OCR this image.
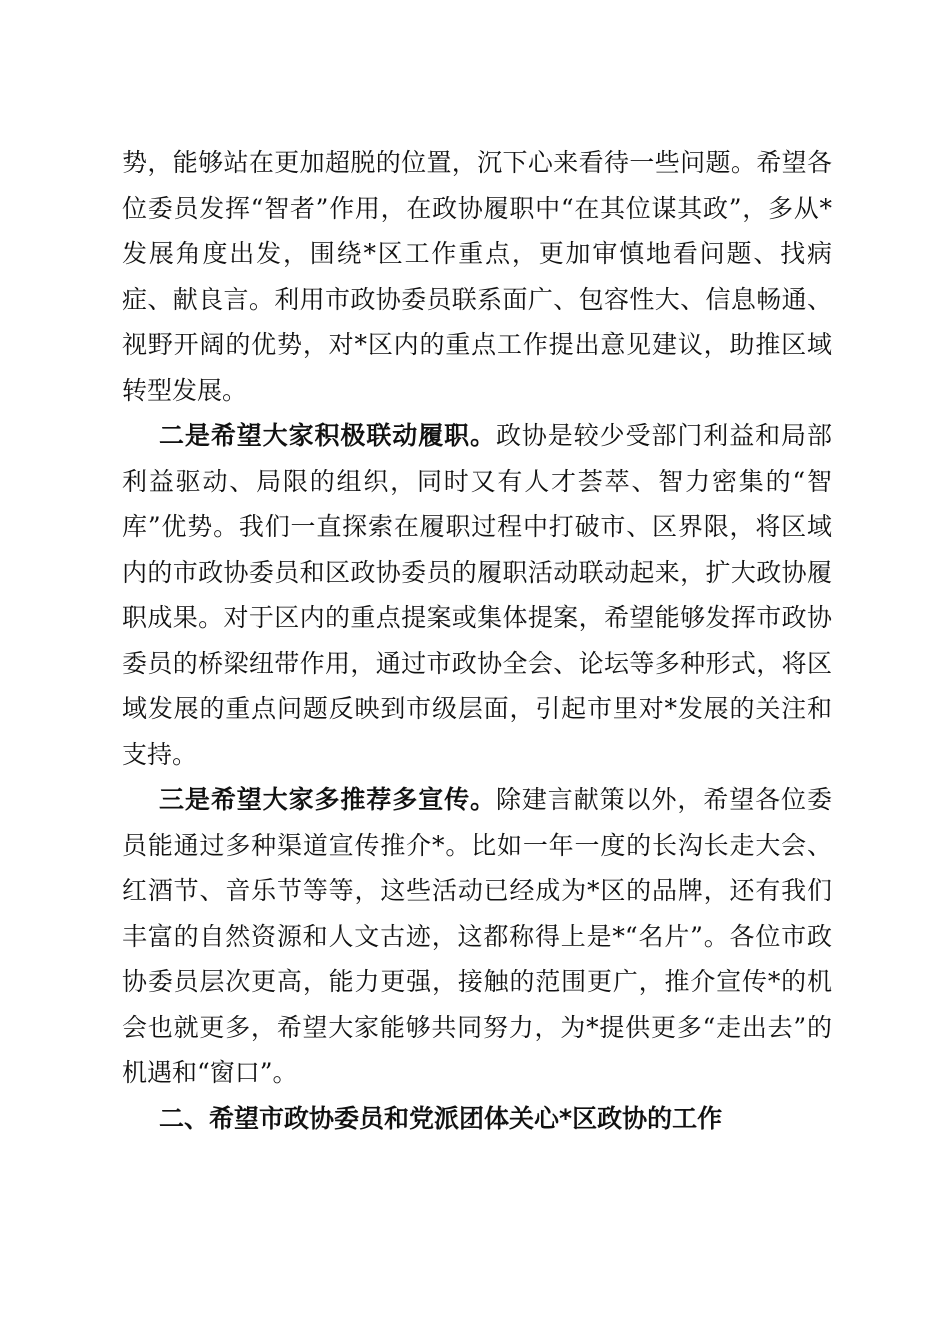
势，能够站在更加超脱的位置，沉下心来看待一些问题。希望各位委员发挥“智者”作用，在政协履职中“在其位谋其政”，多从*发展角度出发，围绕*区工作重点，更加审慎地看问题、找病症、献良言。利用市政协委员联系面广、包容性大、信息畅通、视野开阔的优势，对*区内的重点工作提出意见建议，助推区域转型发展。

二是希望大家积极联动履职。政协是较少受部门利益和局部利益驱动、局限的组织，同时又有人才荟萃、智力密集的“智库”优势。我们一直探索在履职过程中打破市、区界限，将区域内的市政协委员和区政协委员的履职活动联动起来，扩大政协履职成果。对于区内的重点提案或集体提案，希望能够发挥市政协委员的桥梁纽带作用，通过市政协全会、论坛等多种形式，将区域发展的重点问题反映到市级层面，引起市里对*发展的关注和支持。

三是希望大家多推荐多宣传。除建言献策以外，希望各位委员能通过多种渠道宣传推介*。比如一年一度的长沟长走大会、红酒节、音乐节等等，这些活动已经成为*区的品牌，还有我们丰富的自然资源和人文古迹，这都称得上是*“名片”。各位市政协委员层次更高，能力更强，接触的范围更广，推介宣传*的机会也就更多，希望大家能够共同努力，为*提供更多“走出去”的机遇和“窗口”。

二、希望市政协委员和党派团体关心*区政协的工作
